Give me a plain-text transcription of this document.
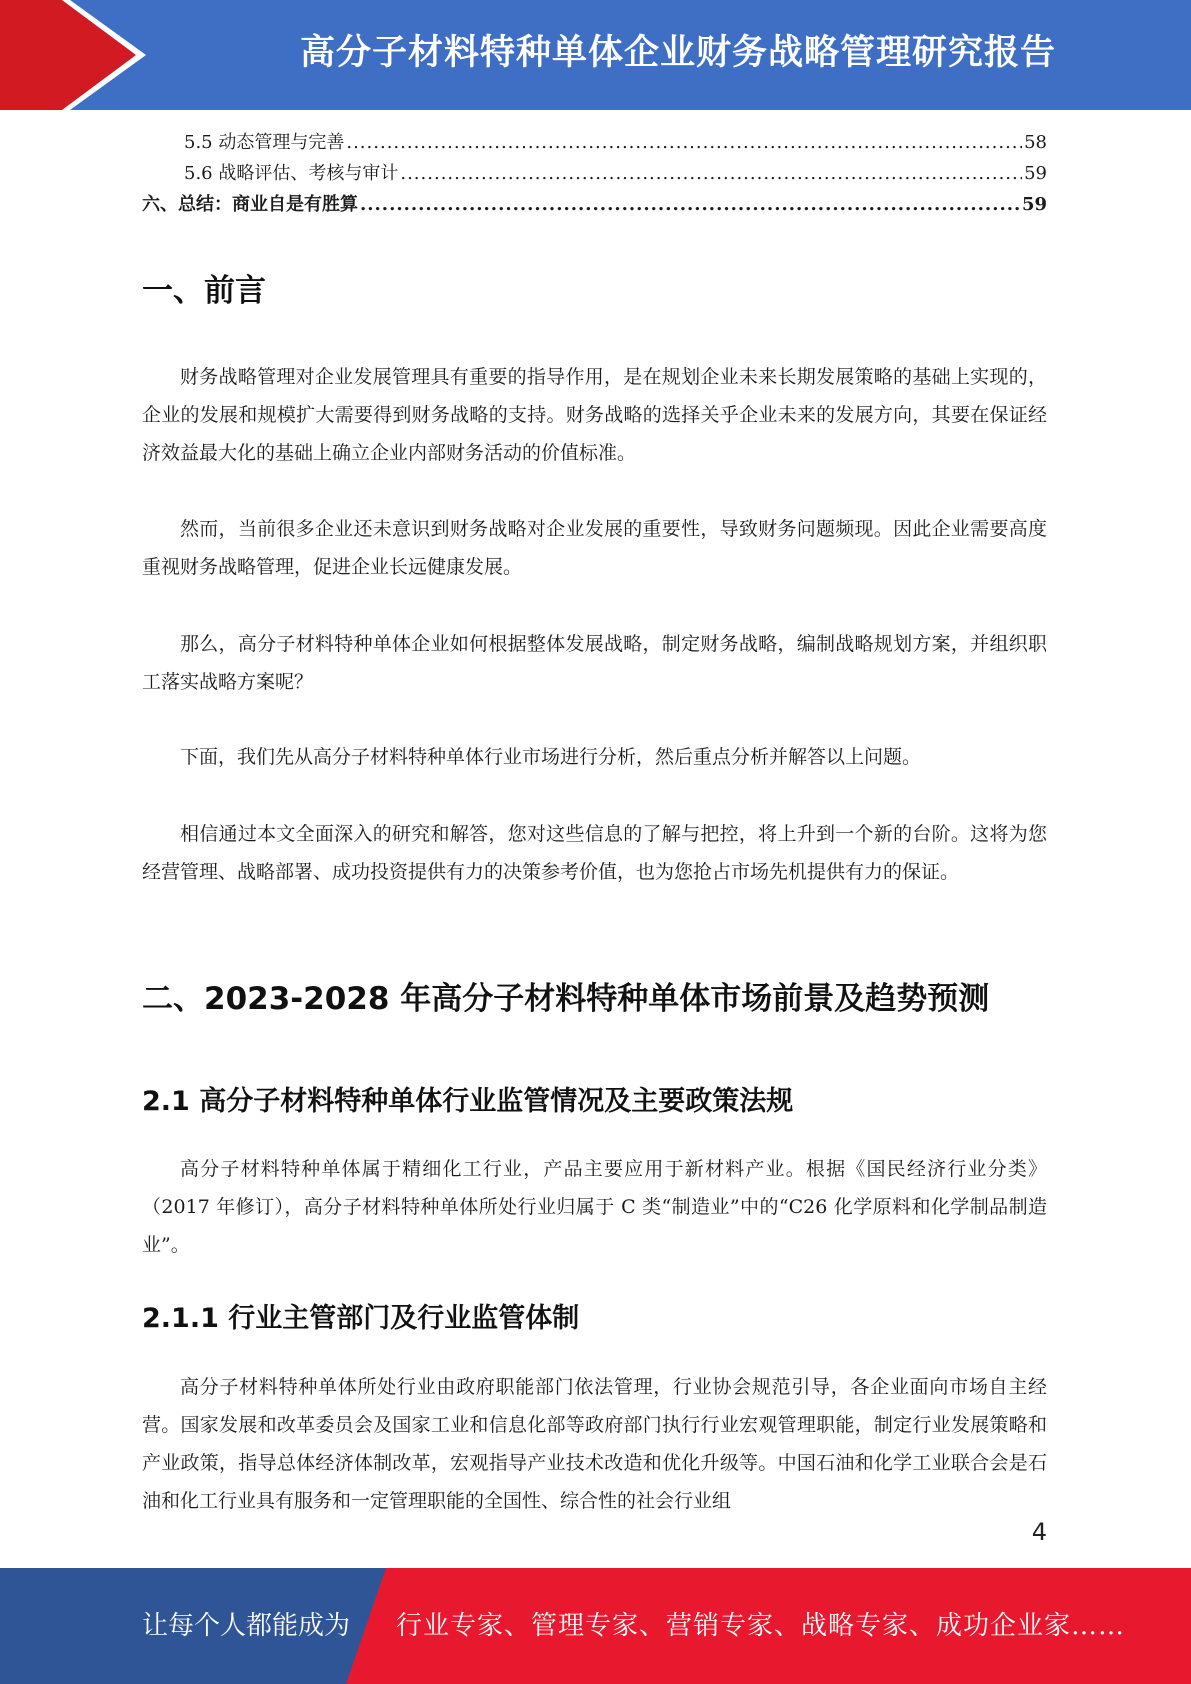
高分子材料特种单体企业财务战略管理研究报告
5.5 动态管理与完善 .....	58
5.6 战略评估、考核与审计 .....	59
六、总结：商业自是有胜算 .....	59
一、前言

财务战略管理对企业发展管理具有重要的指导作用，是在规划企业未来长期发展策略的基础上实现的，企业的发展和规模扩大需要得到财务战略的支持。财务战略的选择关乎企业未来的发展方向，其要在保证经济效益最大化的基础上确立企业内部财务活动的价值标准。

然而，当前很多企业还未意识到财务战略对企业发展的重要性，导致财务问题频现。因此企业需要高度重视财务战略管理，促进企业长远健康发展。

那么，高分子材料特种单体企业如何根据整体发展战略，制定财务战略，编制战略规划方案，并组织职工落实战略方案呢？

下面，我们先从高分子材料特种单体行业市场进行分析，然后重点分析并解答以上问题。

相信通过本文全面深入的研究和解答，您对这些信息的了解与把控，将上升到一个新的台阶。这将为您经营管理、战略部署、成功投资提供有力的决策参考价值，也为您抢占市场先机提供有力的保证。

二、2023-2028 年高分子材料特种单体市场前景及趋势预测
2.1 高分子材料特种单体行业监管情况及主要政策法规

高分子材料特种单体属于精细化工行业，产品主要应用于新材料产业。根据《国民经济行业分类》（2017 年修订），高分子材料特种单体所处行业归属于 C 类“制造业”中的“C26 化学原料和化学制品制造业”。

2.1.1 行业主管部门及行业监管体制

高分子材料特种单体所处行业由政府职能部门依法管理，行业协会规范引导，各企业面向市场自主经营。国家发展和改革委员会及国家工业和信息化部等政府部门执行行业宏观管理职能，制定行业发展策略和产业政策，指导总体经济体制改革，宏观指导产业技术改造和优化升级等。中国石油和化学工业联合会是石油和化工行业具有服务和一定管理职能的全国性、综合性的社会行业组

4
让每个人都能成为 行业专家、管理专家、营销专家、战略专家、成功企业家……
